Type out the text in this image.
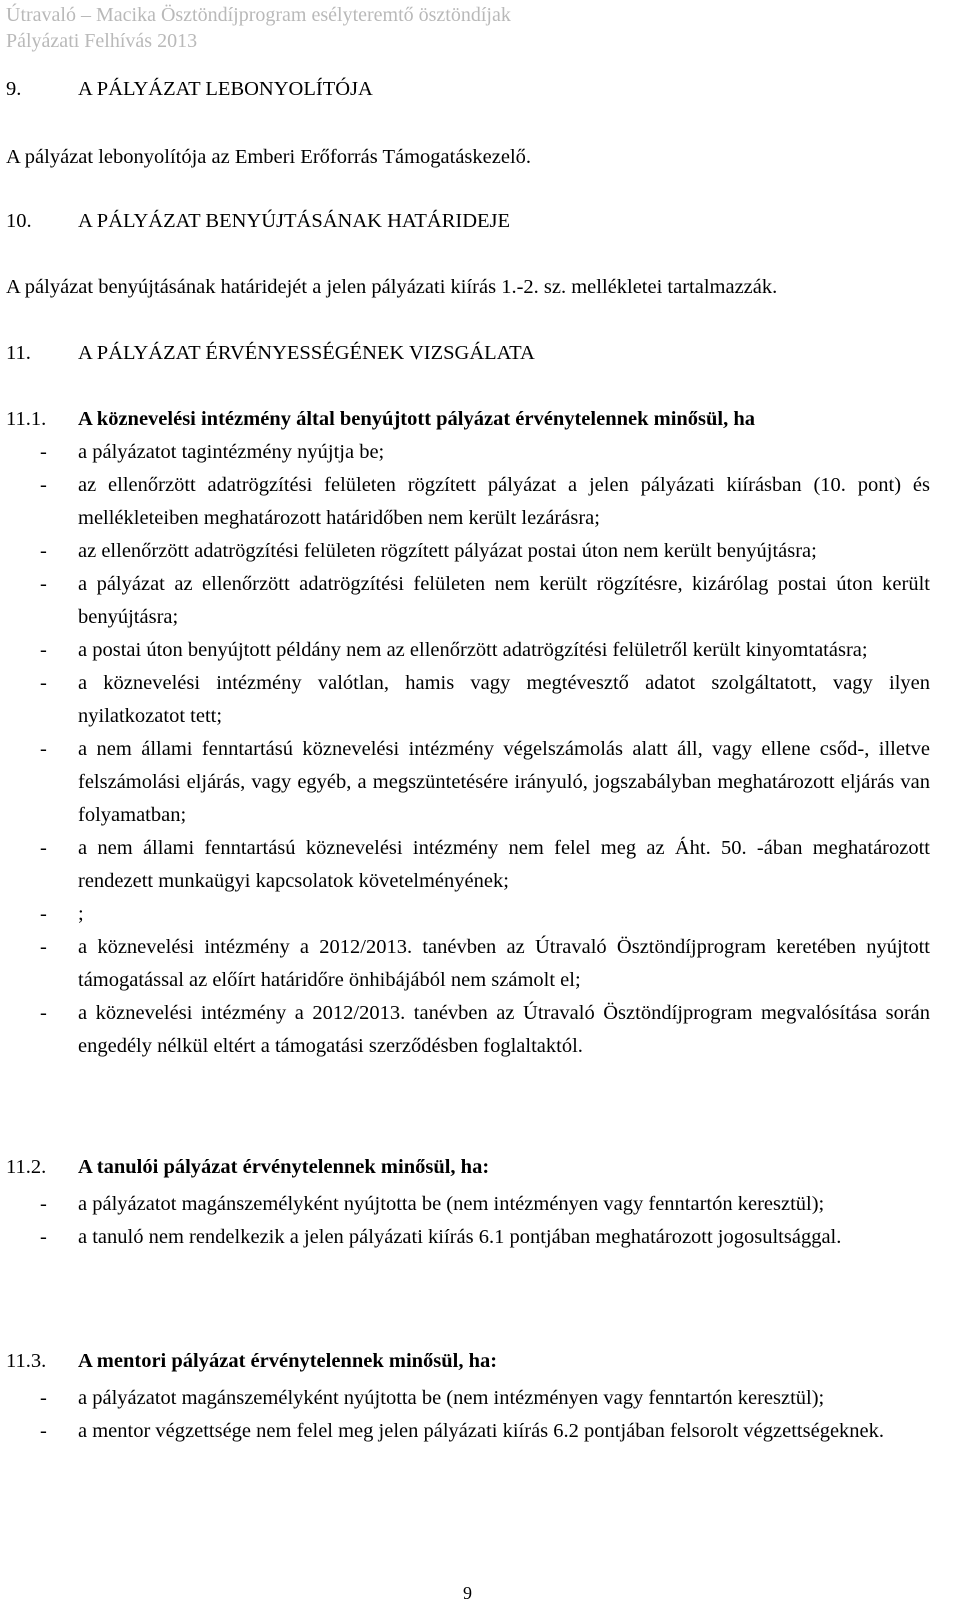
Útravaló – Macika Ösztöndíjprogram esélyteremtő ösztöndíjak
Pályázati Felhívás 2013
9.	A PÁLYÁZAT LEBONYOLÍTÓJA

A pályázat lebonyolítója az Emberi Erőforrás Támogatáskezelő.

10. A PÁLYÁZAT BENYÚJTÁSÁNAK HATÁRIDEJE

A pályázat benyújtásának határidejét a jelen pályázati kiírás 1.-2. sz. mellékletei tartalmazzák.

11. A PÁLYÁZAT ÉRVÉNYESSÉGÉNEK VIZSGÁLATA
11.1. A köznevelési intézmény által benyújtott pályázat érvénytelennek minősül, ha
- a pályázatot tagintézmény nyújtja be;
- az ellenőrzött adatrögzítési felületen rögzített pályázat a jelen pályázati kiírásban (10. pont) és mellékleteiben meghatározott határidőben nem került lezárásra;
- az ellenőrzött adatrögzítési felületen rögzített pályázat postai úton nem került benyújtásra;
- a pályázat az ellenőrzött adatrögzítési felületen nem került rögzítésre, kizárólag postai úton került benyújtásra;
- a postai úton benyújtott példány nem az ellenőrzött adatrögzítési felületről került kinyomtatásra;
- a köznevelési intézmény valótlan, hamis vagy megtévesztő adatot szolgáltatott, vagy ilyen nyilatkozatot tett;
- a nem állami fenntartású köznevelési intézmény végelszámolás alatt áll, vagy ellene csőd-, illetve felszámolási eljárás, vagy egyéb, a megszüntetésére irányuló, jogszabályban meghatározott eljárás van folyamatban;
- a nem állami fenntartású köznevelési intézmény nem felel meg az Áht. 50. -ában meghatározott rendezett munkaügyi kapcsolatok követelményének;
- ;
- a köznevelési intézmény a 2012/2013. tanévben az Útravaló Ösztöndíjprogram keretében nyújtott támogatással az előírt határidőre önhibájából nem számolt el;
- a köznevelési intézmény a 2012/2013. tanévben az Útravaló Ösztöndíjprogram megvalósítása során engedély nélkül eltért a támogatási szerződésben foglaltaktól.
11.2. A tanulói pályázat érvénytelennek minősül, ha:
- a pályázatot magánszemélyként nyújtotta be (nem intézményen vagy fenntartón keresztül);
- a tanuló nem rendelkezik a jelen pályázati kiírás 6.1 pontjában meghatározott jogosultsággal.
11.3. A mentori pályázat érvénytelennek minősül, ha:
- a pályázatot magánszemélyként nyújtotta be (nem intézményen vagy fenntartón keresztül);
- a mentor végzettsége nem felel meg jelen pályázati kiírás 6.2 pontjában felsorolt végzettségeknek.
9
